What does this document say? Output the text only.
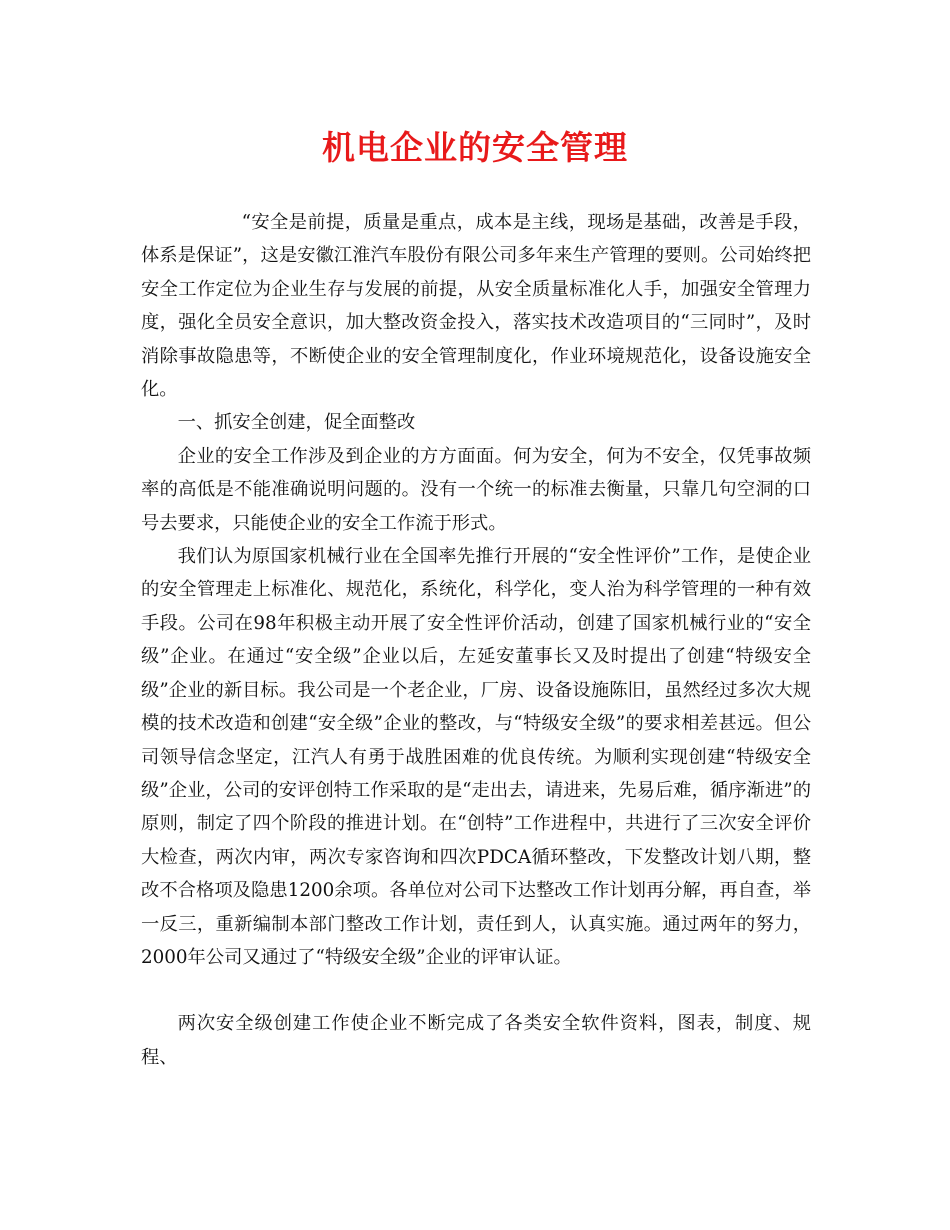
机电企业的安全管理

“安全是前提，质量是重点，成本是主线，现场是基础，改善是手段，体系是保证”，这是安徽江淮汽车股份有限公司多年来生产管理的要则。公司始终把安全工作定位为企业生存与发展的前提，从安全质量标准化人手，加强安全管理力度，强化全员安全意识，加大整改资金投入，落实技术改造项目的“三同时”，及时消除事故隐患等，不断使企业的安全管理制度化，作业环境规范化，设备设施安全化。

一、抓安全创建，促全面整改

企业的安全工作涉及到企业的方方面面。何为安全，何为不安全，仅凭事故频率的高低是不能准确说明问题的。没有一个统一的标准去衡量，只靠几句空洞的口号去要求，只能使企业的安全工作流于形式。

我们认为原国家机械行业在全国率先推行开展的“安全性评价”工作，是使企业的安全管理走上标准化、规范化，系统化，科学化，变人治为科学管理的一种有效手段。公司在98年积极主动开展了安全性评价活动，创建了国家机械行业的“安全级”企业。在通过“安全级”企业以后，左延安董事长又及时提出了创建“特级安全级”企业的新目标。我公司是一个老企业，厂房、设备设施陈旧，虽然经过多次大规模的技术改造和创建“安全级”企业的整改，与“特级安全级”的要求相差甚远。但公司领导信念坚定，江汽人有勇于战胜困难的优良传统。为顺利实现创建“特级安全级”企业，公司的安评创特工作采取的是“走出去，请进来，先易后难，循序渐进”的原则，制定了四个阶段的推进计划。在“创特”工作进程中，共进行了三次安全评价大检查，两次内审，两次专家咨询和四次PDCA循环整改，下发整改计划八期，整改不合格项及隐患1200余项。各单位对公司下达整改工作计划再分解，再自查，举一反三，重新编制本部门整改工作计划，责任到人，认真实施。通过两年的努力，2000年公司又通过了“特级安全级”企业的评审认证。

两次安全级创建工作使企业不断完成了各类安全软件资料，图表，制度、规程、
